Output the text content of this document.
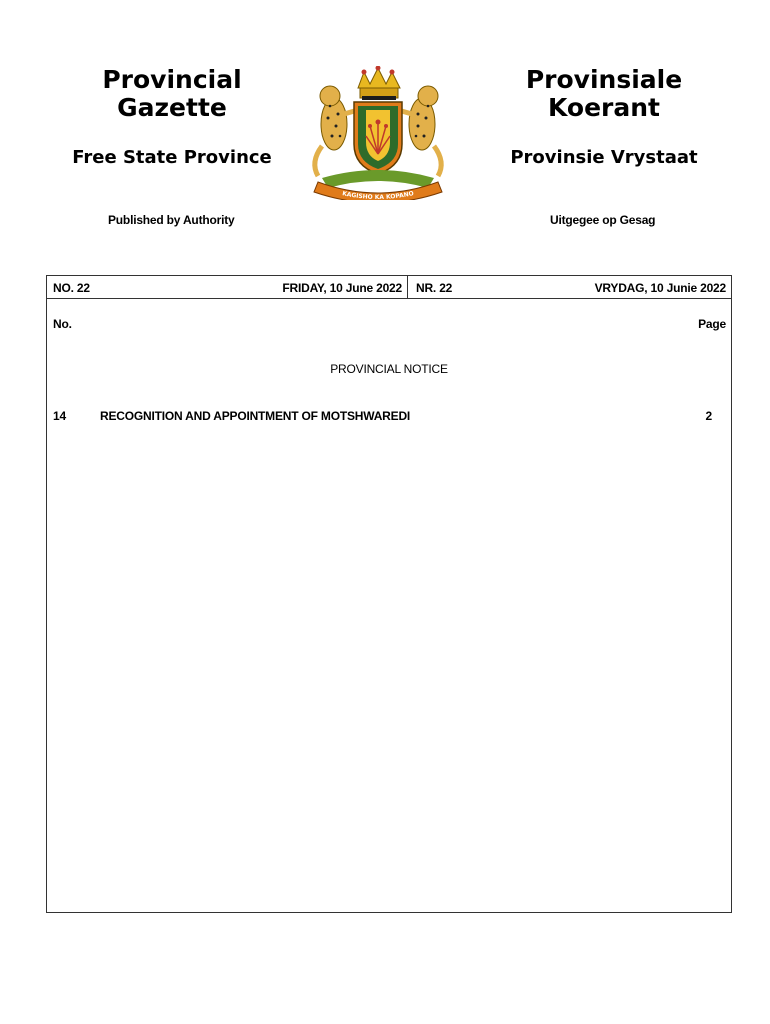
Provincial
Gazette
Provinsiale
Koerant
Free State Province	Provinsie Vrystaat
Published by Authority	Uitgegee op Gesag
KAGISHO KA KOPANO
NO. 22	FRIDAY, 10 June 2022 NR. 22	VRYDAG, 10 Junie 2022
No.	Page
PROVINCIAL NOTICE
14	RECOGNITION AND APPOINTMENT OF MOTSHWAREDI	2
